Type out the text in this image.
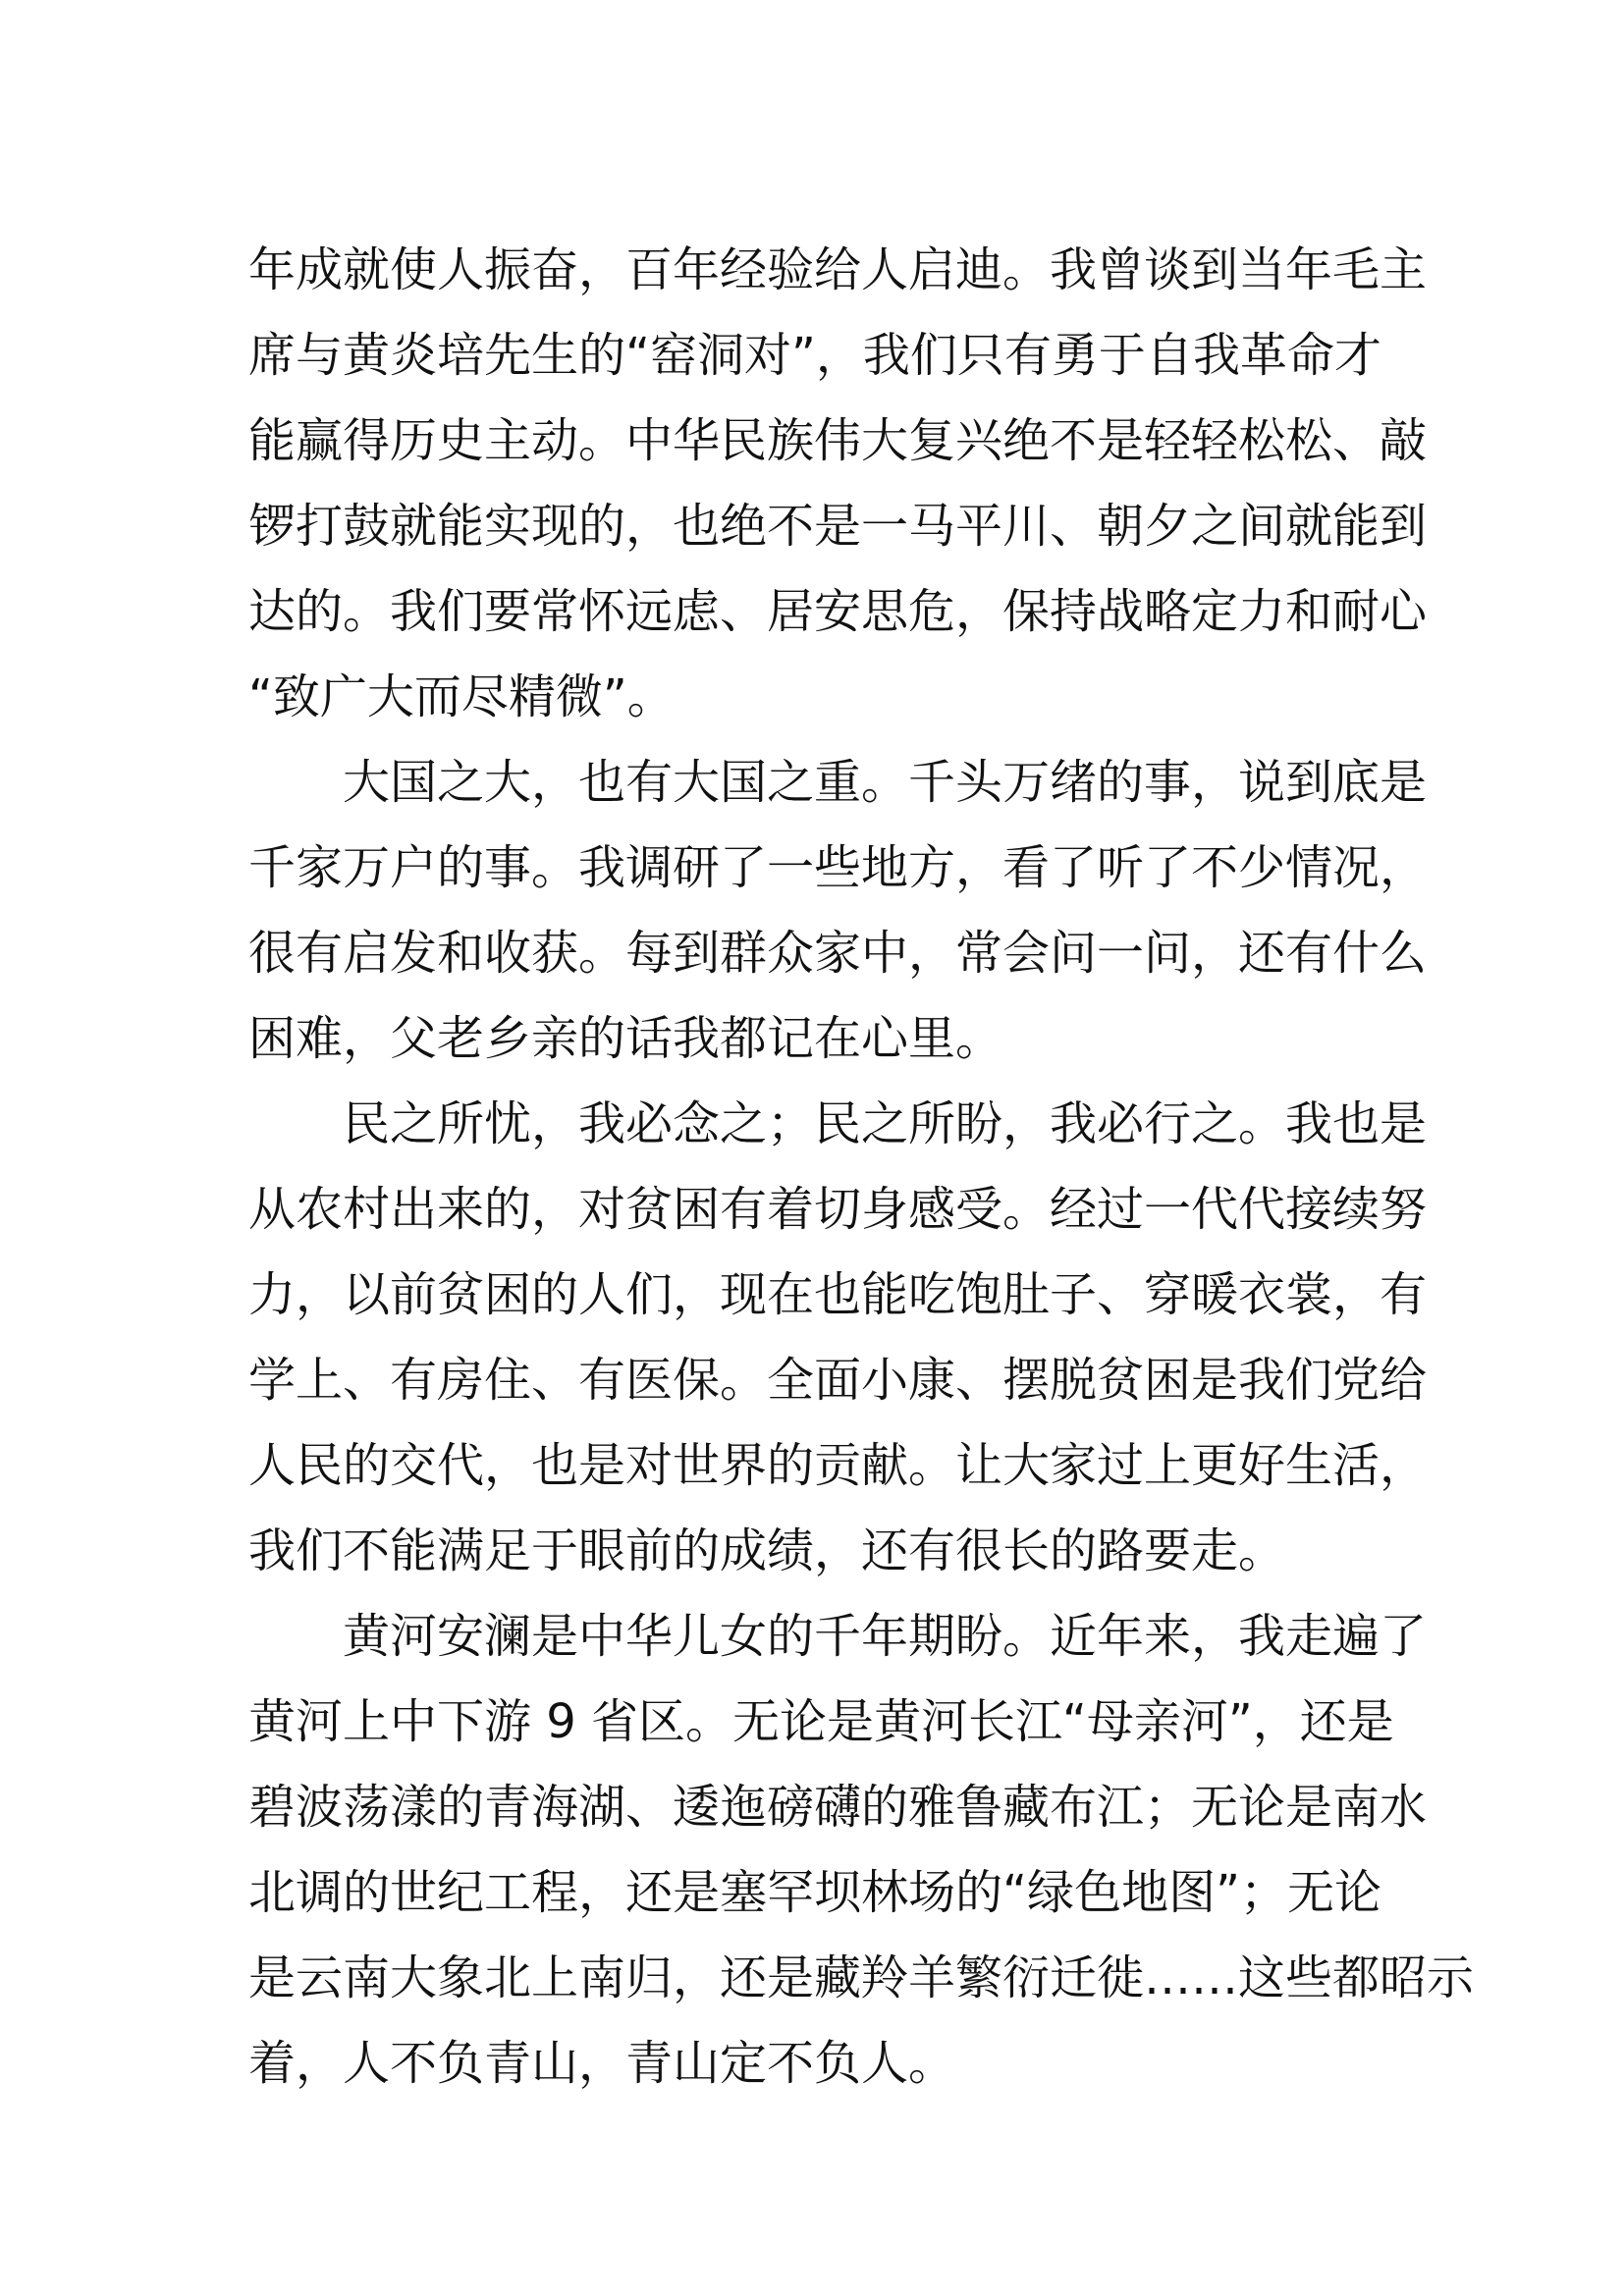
年成就使人振奋，百年经验给人启迪。我曾谈到当年毛主
席与黄炎培先生的“窑洞对”，我们只有勇于自我革命才
能赢得历史主动。中华民族伟大复兴绝不是轻轻松松、敲
锣打鼓就能实现的，也绝不是一马平川、朝夕之间就能到
达的。我们要常怀远虑、居安思危，保持战略定力和耐心
“致广大而尽精微”。
大国之大，也有大国之重。千头万绪的事，说到底是
千家万户的事。我调研了一些地方，看了听了不少情况，
很有启发和收获。每到群众家中，常会问一问，还有什么
困难，父老乡亲的话我都记在心里。
民之所忧，我必念之；民之所盼，我必行之。我也是
从农村出来的，对贫困有着切身感受。经过一代代接续努
力，以前贫困的人们，现在也能吃饱肚子、穿暖衣裳，有
学上、有房住、有医保。全面小康、摆脱贫困是我们党给
人民的交代，也是对世界的贡献。让大家过上更好生活，
我们不能满足于眼前的成绩，还有很长的路要走。
黄河安澜是中华儿女的千年期盼。近年来，我走遍了
黄河上中下游 9 省区。无论是黄河长江“母亲河”，还是
碧波荡漾的青海湖、逶迤磅礴的雅鲁藏布江；无论是南水
北调的世纪工程，还是塞罕坝林场的“绿色地图”；无论
是云南大象北上南归，还是藏羚羊繁衍迁徙……这些都昭示
着，人不负青山，青山定不负人。
